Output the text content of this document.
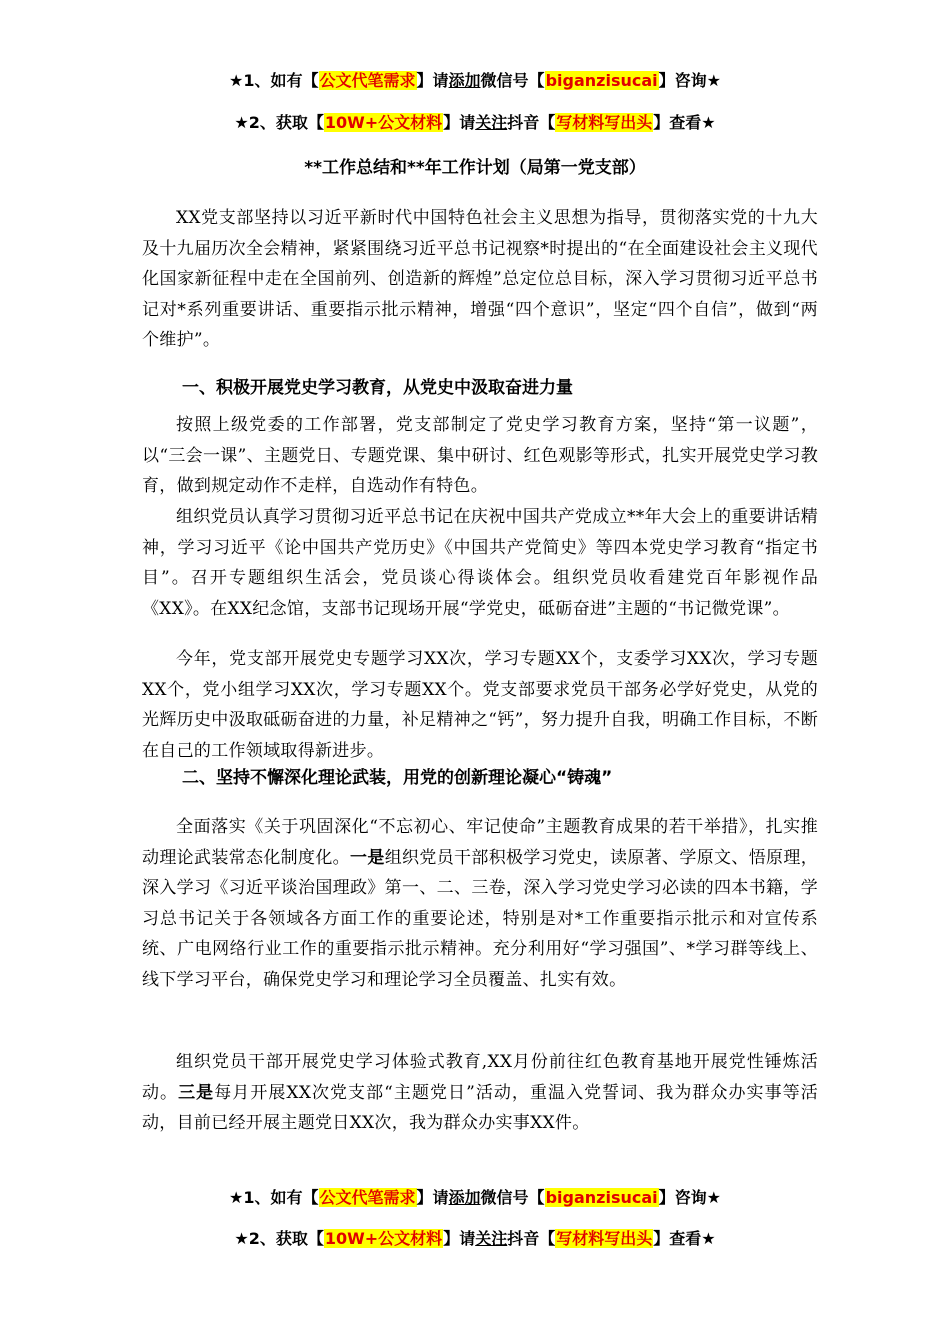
★1、如有【公文代笔需求】请添加微信号【biganzisucai】咨询★
★2、获取【10W+公文材料】请关注抖音【写材料写出头】查看★
**工作总结和**年工作计划（局第一党支部）

XX党支部坚持以习近平新时代中国特色社会主义思想为指导，贯彻落实党的十九大及十九届历次全会精神，紧紧围绕习近平总书记视察*时提出的“在全面建设社会主义现代化国家新征程中走在全国前列、创造新的辉煌”总定位总目标，深入学习贯彻习近平总书记对*系列重要讲话、重要指示批示精神，增强“四个意识”，坚定“四个自信”，做到“两个维护”。

一、积极开展党史学习教育，从党史中汲取奋进力量

按照上级党委的工作部署，党支部制定了党史学习教育方案，坚持“第一议题”，以“三会一课”、主题党日、专题党课、集中研讨、红色观影等形式，扎实开展党史学习教育，做到规定动作不走样，自选动作有特色。

组织党员认真学习贯彻习近平总书记在庆祝中国共产党成立**年大会上的重要讲话精神，学习习近平《论中国共产党历史》《中国共产党简史》等四本党史学习教育“指定书目”。召开专题组织生活会，党员谈心得谈体会。组织党员收看建党百年影视作品《XX》。在XX纪念馆，支部书记现场开展“学党史，砥砺奋进”主题的“书记微党课”。

今年，党支部开展党史专题学习XX次，学习专题XX个，支委学习XX次，学习专题XX个，党小组学习XX次，学习专题XX个。党支部要求党员干部务必学好党史，从党的光辉历史中汲取砥砺奋进的力量，补足精神之“钙”，努力提升自我，明确工作目标，不断在自己的工作领域取得新进步。

二、坚持不懈深化理论武装，用党的创新理论凝心“铸魂”

全面落实《关于巩固深化“不忘初心、牢记使命”主题教育成果的若干举措》，扎实推动理论武装常态化制度化。一是组织党员干部积极学习党史，读原著、学原文、悟原理，深入学习《习近平谈治国理政》第一、二、三卷，深入学习党史学习必读的四本书籍，学习总书记关于各领域各方面工作的重要论述，特别是对*工作重要指示批示和对宣传系统、广电网络行业工作的重要指示批示精神。充分利用好“学习强国”、*学习群等线上、线下学习平台，确保党史学习和理论学习全员覆盖、扎实有效。

组织党员干部开展党史学习体验式教育,XX月份前往红色教育基地开展党性锤炼活动。三是每月开展XX次党支部“主题党日”活动，重温入党誓词、我为群众办实事等活动，目前已经开展主题党日XX次，我为群众办实事XX件。

★1、如有【公文代笔需求】请添加微信号【biganzisucai】咨询★
★2、获取【10W+公文材料】请关注抖音【写材料写出头】查看★
